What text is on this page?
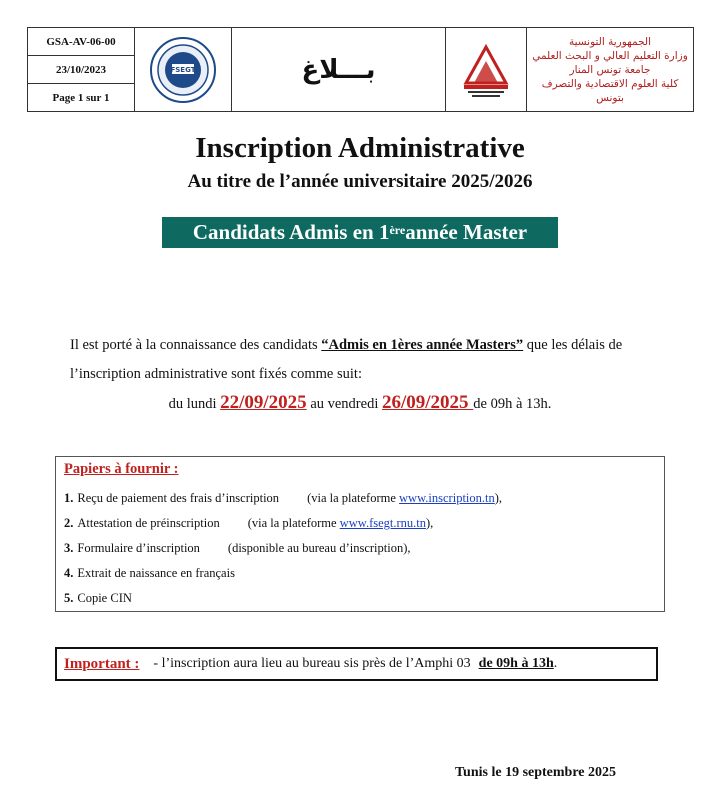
GSA-AV-06-00
23/10/2023
Page 1 sur 1
FSEGT	بـــلاغ
الجمهورية التونسية
وزارة التعليم العالي و البحث العلمي
جامعة تونس المنار
كلية العلوم الاقتصادية والتصرف
بتونس
Inscription Administrative
Au titre de l’année universitaire 2025/2026
Candidats Admis en 1ère année Master
Il est porté à la connaissance des candidats “Admis en 1ères année Masters” que les délais de l’inscription administrative sont fixés comme suit:
du lundi 22/09/2025 au vendredi 26/09/2025 de 09h à 13h.
Papiers à fournir :
1. Reçu de paiement des frais d’inscription (via la plateforme www.inscription.tn),
2. Attestation de préinscription (via la plateforme www.fsegt.rnu.tn),
3. Formulaire d’inscription (disponible au bureau d’inscription),
4. Extrait de naissance en français
5. Copie CIN
Important : - l’inscription aura lieu au bureau sis près de l’Amphi 03 de 09h à 13h .
Tunis le 19 septembre 2025
